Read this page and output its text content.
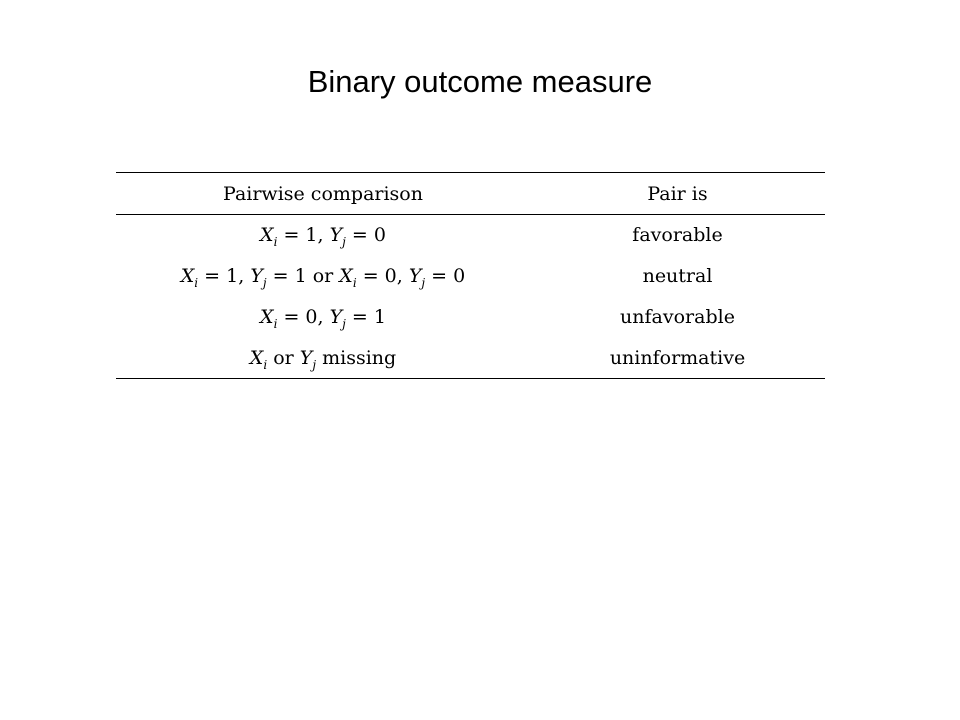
Binary outcome measure
Pairwise comparison	Pair is
$X_i = 1$, $Y_j = 0$	favorable
$X_i = 1$, $Y_j = 1$ or $X_i = 0$, $Y_j = 0$	neutral
$X_i = 0$, $Y_j = 1$	unfavorable
$X_i$ or $Y_j$ missing	uninformative
